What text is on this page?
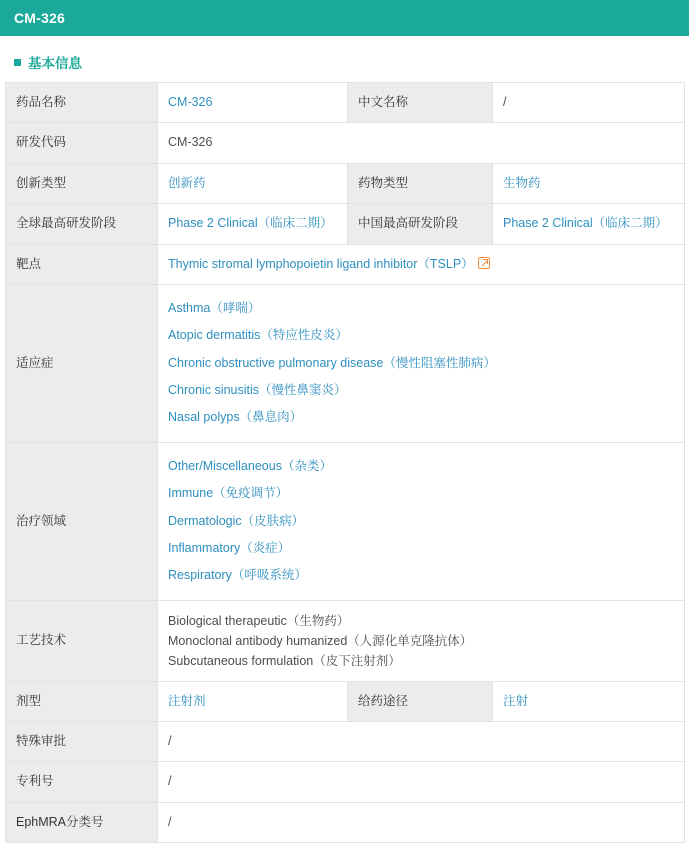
CM-326
基本信息
药品名称	CM-326	中文名称	/
研发代码	CM-326		
创新类型	创新药	药物类型	生物药
全球最高研发阶段	Phase 2 Clinical（临床二期）	中国最高研发阶段	Phase 2 Clinical（临床二期）
靶点	Thymic stromal lymphopoietin ligand inhibitor（TSLP）		
适应症	Asthma（哮喘）
Atopic dermatitis（特应性皮炎）
Chronic obstructive pulmonary disease（慢性阻塞性肺病）
Chronic sinusitis（慢性鼻窦炎）
Nasal polyps（鼻息肉）		

治疗领域	Other/Miscellaneous（杂类）
Immune（免疫调节）
Dermatologic（皮肤病）
Inflammatory（炎症）
Respiratory（呼吸系统）		

工艺技术	Biological therapeutic（生物药）
Monoclonal antibody humanized（人源化单克隆抗体）
Subcutaneous formulation（皮下注射剂）		

剂型	注射剂	给药途径	注射
特殊审批	/		
专利号	/		
EphMRA分类号	/		
